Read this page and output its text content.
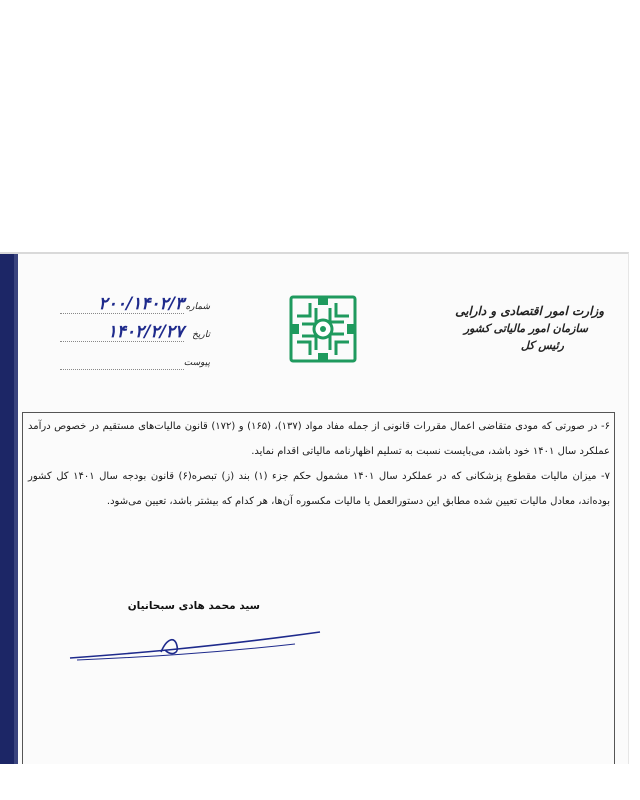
وزارت امور اقتصادی و دارایی
سازمان امور مالیاتی کشور
رئیس کل
شماره
۲۰۰/۱۴۰۲/۳
تاریخ
۱۴۰۲/۲/۲۷
پیوست

۶- در صورتی که مودی متقاضی اعمال مقررات قانونی از جمله مفاد مواد (۱۳۷)، (۱۶۵) و (۱۷۲) قانون مالیات‌های مستقیم در خصوص درآمد عملکرد سال ۱۴۰۱ خود باشد، می‌بایست نسبت به تسلیم اظهارنامه مالیاتی اقدام نماید.

۷- میزان مالیات مقطوع پزشکانی که در عملکرد سال ۱۴۰۱ مشمول حکم جزء (۱) بند (ز) تبصره(۶) قانون بودجه سال ۱۴۰۱ کل کشور بوده‌اند، معادل مالیات تعیین شده مطابق این دستورالعمل یا مالیات مکسوره آن‌ها، هر کدام که بیشتر باشد، تعیین می‌شود.

سید محمد هادی سبحانیان
